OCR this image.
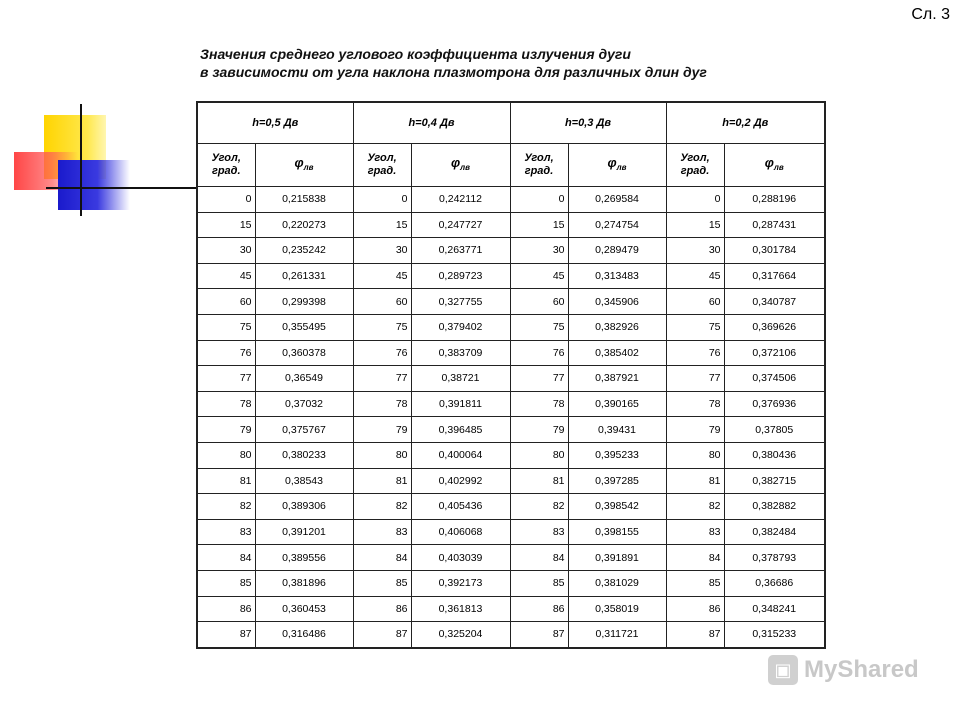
Сл. 3
Значения среднего углового коэффициента излучения дуги
в зависимости от угла наклона плазмотрона для различных длин дуг
h=0,5 Дв		h=0,4 Дв		h=0,3 Дв		h=0,2 Дв	
Угол, град.	$\varphi_{лв}$	Угол, град.	$\varphi_{лв}$	Угол, град.	$\varphi_{лв}$	Угол, град.	$\varphi_{лв}$
0	0,215838	0	0,242112	0	0,269584	0	0,288196
15	0,220273	15	0,247727	15	0,274754	15	0,287431
30	0,235242	30	0,263771	30	0,289479	30	0,301784
45	0,261331	45	0,289723	45	0,313483	45	0,317664
60	0,299398	60	0,327755	60	0,345906	60	0,340787
75	0,355495	75	0,379402	75	0,382926	75	0,369626
76	0,360378	76	0,383709	76	0,385402	76	0,372106
77	0,36549	77	0,38721	77	0,387921	77	0,374506
78	0,37032	78	0,391811	78	0,390165	78	0,376936
79	0,375767	79	0,396485	79	0,39431	79	0,37805
80	0,380233	80	0,400064	80	0,395233	80	0,380436
81	0,38543	81	0,402992	81	0,397285	81	0,382715
82	0,389306	82	0,405436	82	0,398542	82	0,382882
83	0,391201	83	0,406068	83	0,398155	83	0,382484
84	0,389556	84	0,403039	84	0,391891	84	0,378793
85	0,381896	85	0,392173	85	0,381029	85	0,36686
86	0,360453	86	0,361813	86	0,358019	86	0,348241
87	0,316486	87	0,325204	87	0,311721	87	0,315233
▣ MyShared
